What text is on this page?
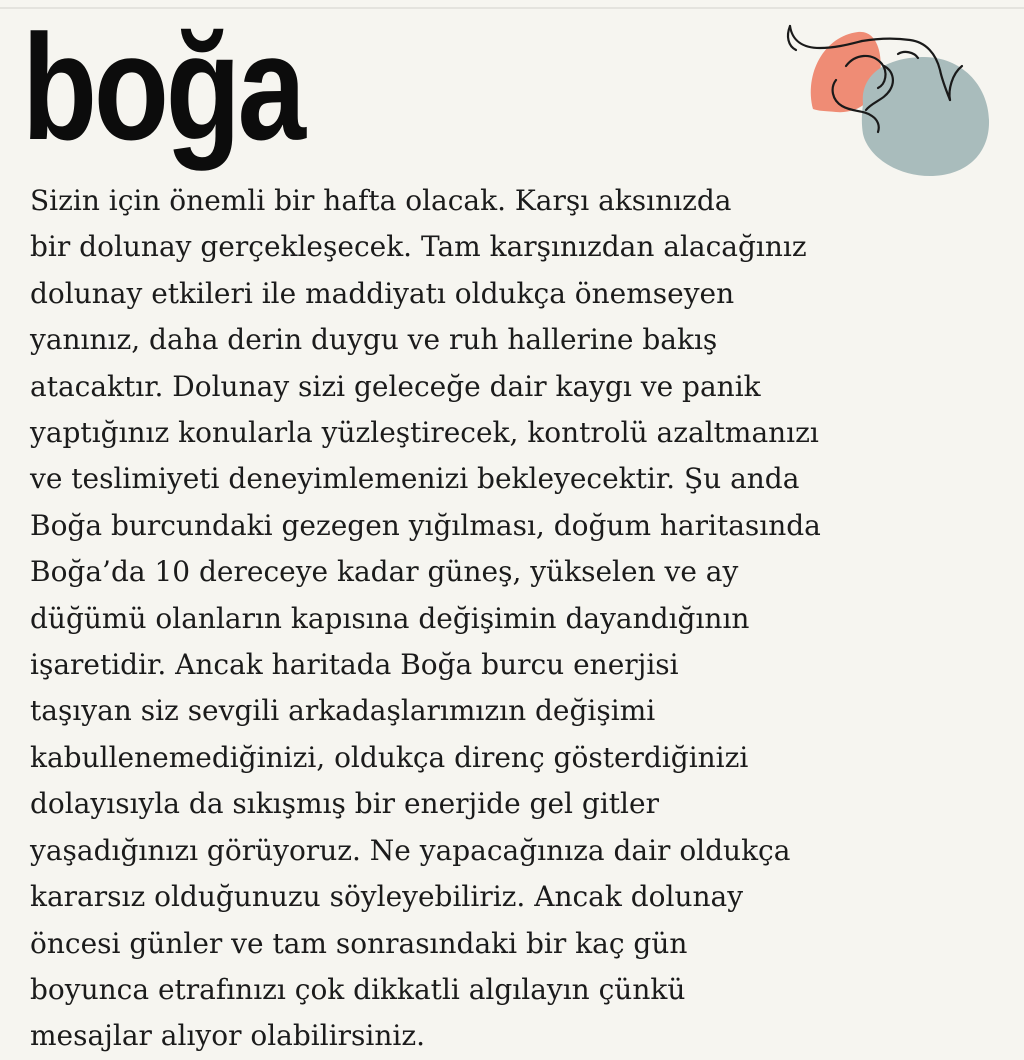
boğa
Sizin için önemli bir hafta olacak. Karşı aksınızda
bir dolunay gerçekleşecek. Tam karşınızdan alacağınız
dolunay etkileri ile maddiyatı oldukça önemseyen
yanınız, daha derin duygu ve ruh hallerine bakış
atacaktır. Dolunay sizi geleceğe dair kaygı ve panik
yaptığınız konularla yüzleştirecek, kontrolü azaltmanızı
ve teslimiyeti deneyimlemenizi bekleyecektir. Şu anda
Boğa burcundaki gezegen yığılması, doğum haritasında
Boğa’da 10 dereceye kadar güneş, yükselen ve ay
düğümü olanların kapısına değişimin dayandığının
işaretidir. Ancak haritada Boğa burcu enerjisi
taşıyan siz sevgili arkadaşlarımızın değişimi
kabullenemediğinizi, oldukça direnç gösterdiğinizi
dolayısıyla da sıkışmış bir enerjide gel gitler
yaşadığınızı görüyoruz. Ne yapacağınıza dair oldukça
kararsız olduğunuzu söyleyebiliriz. Ancak dolunay
öncesi günler ve tam sonrasındaki bir kaç gün
boyunca etrafınızı çok dikkatli algılayın çünkü
mesajlar alıyor olabilirsiniz.
